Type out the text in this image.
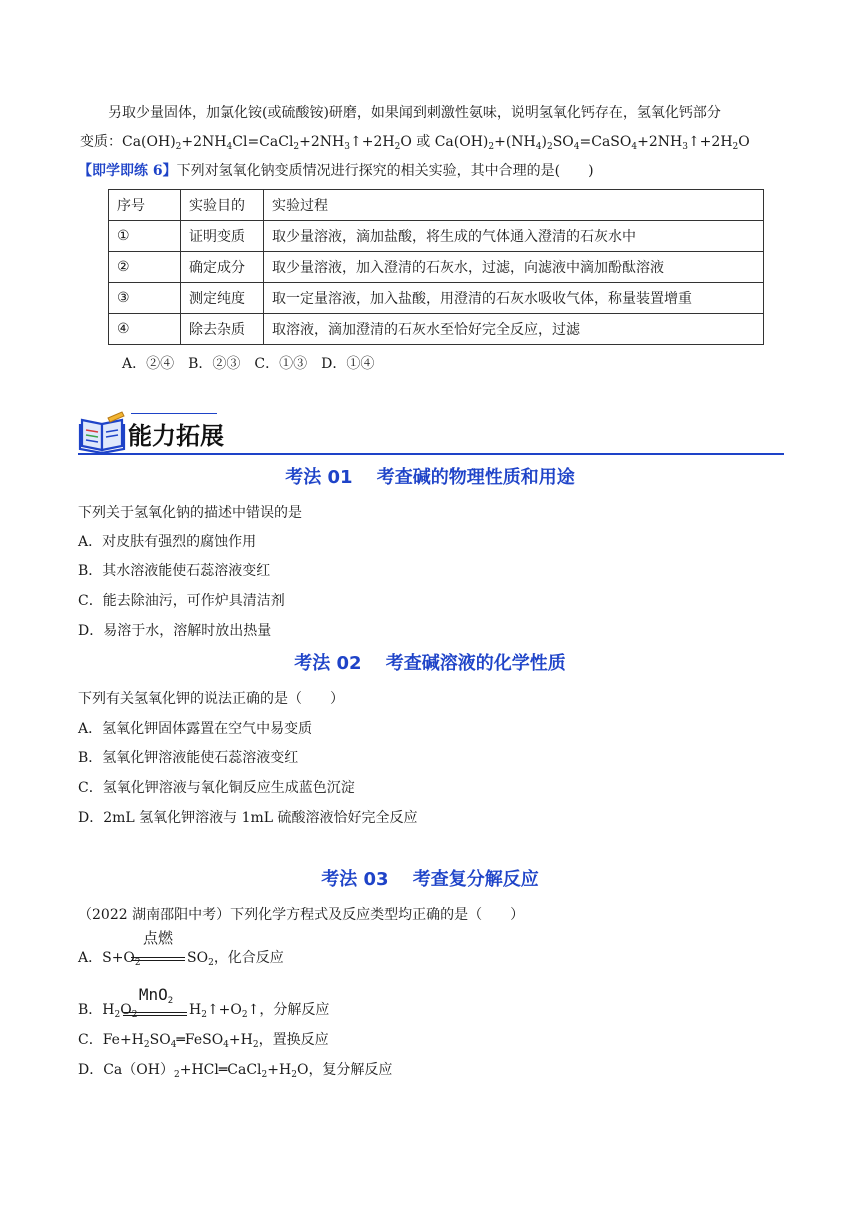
另取少量固体，加氯化铵(或硫酸铵)研磨，如果闻到刺激性氨味，说明氢氧化钙存在，氢氧化钙部分
变质：$Ca(OH)_2+2NH_4Cl=CaCl_2+2NH_3↑+2H_2O$ 或 $Ca(OH)_2+(NH_4)_2SO_4=CaSO_4+2NH_3↑+2H_2O$
【即学即练 6】下列对氢氧化钠变质情况进行探究的相关实验，其中合理的是(　　)
序号	实验目的	实验过程
①	证明变质	取少量溶液，滴加盐酸，将生成的气体通入澄清的石灰水中
②	确定成分	取少量溶液，加入澄清的石灰水，过滤，向滤液中滴加酚酞溶液
③	测定纯度	取一定量溶液，加入盐酸，用澄清的石灰水吸收气体，称量装置增重
④	除去杂质	取溶液，滴加澄清的石灰水至恰好完全反应，过滤
A．②④　B．②③　C．①③　D．①④
能力拓展
考法 01　 考查碱的物理性质和用途
下列关于氢氧化钠的描述中错误的是
A．对皮肤有强烈的腐蚀作用
B．其水溶液能使石蕊溶液变红
C．能去除油污，可作炉具清洁剂
D．易溶于水，溶解时放出热量
考法 02　 考查碱溶液的化学性质
下列有关氢氧化钾的说法正确的是（　　）
A．氢氧化钾固体露置在空气中易变质
B．氢氧化钾溶液能使石蕊溶液变红
C．氢氧化钾溶液与氧化铜反应生成蓝色沉淀
D．2mL 氢氧化钾溶液与 1mL 硫酸溶液恰好完全反应
考法 03　 考查复分解反应
（2022 湖南邵阳中考）下列化学方程式及反应类型均正确的是（　　）
A．$S+O_2$
点燃
$SO_2$，化合反应
B．$H_2O_2$
MnO$_2$
$H_2↑+O_2↑$，分解反应
C．$Fe+H_2SO_4═FeSO_4+H_2$，置换反应
D．$Ca(OH)_2+HCl═CaCl_2+H_2O$，复分解反应
